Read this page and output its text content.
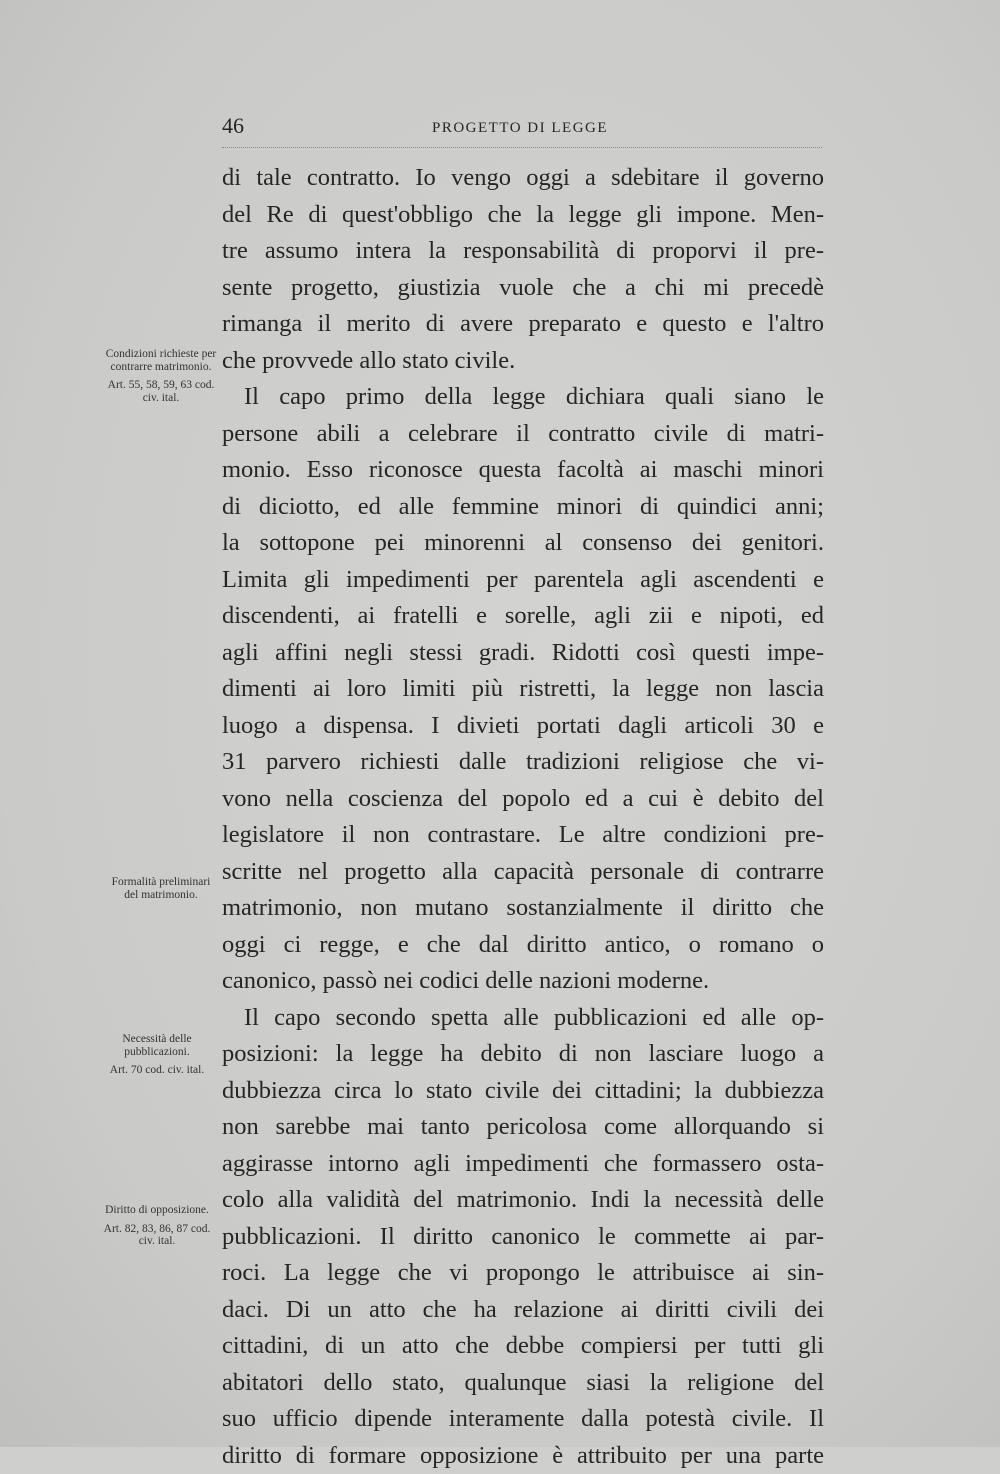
46	PROGETTO DI LEGGE
Condizioni richieste per contrarre matrimonio.
Art. 55, 58, 59, 63 cod. civ. ital.
Formalità preliminari del matrimonio.
Necessità delle pubblicazioni.
Art. 70 cod. civ. ital.
Diritto di opposizione.
Art. 82, 83, 86, 87 cod. civ. ital.
di tale contratto. Io vengo oggi a sdebitare il governo
del Re di quest'obbligo che la legge gli impone. Men-
tre assumo intera la responsabilità di proporvi il pre-
sente progetto, giustizia vuole che a chi mi precedè
rimanga il merito di avere preparato e questo e l'altro
che provvede allo stato civile.
Il capo primo della legge dichiara quali siano le
persone abili a celebrare il contratto civile di matri-
monio. Esso riconosce questa facoltà ai maschi minori
di diciotto, ed alle femmine minori di quindici anni;
la sottopone pei minorenni al consenso dei genitori.
Limita gli impedimenti per parentela agli ascendenti e
discendenti, ai fratelli e sorelle, agli zii e nipoti, ed
agli affini negli stessi gradi. Ridotti così questi impe-
dimenti ai loro limiti più ristretti, la legge non lascia
luogo a dispensa. I divieti portati dagli articoli 30 e
31 parvero richiesti dalle tradizioni religiose che vi-
vono nella coscienza del popolo ed a cui è debito del
legislatore il non contrastare. Le altre condizioni pre-
scritte nel progetto alla capacità personale di contrarre
matrimonio, non mutano sostanzialmente il diritto che
oggi ci regge, e che dal diritto antico, o romano o
canonico, passò nei codici delle nazioni moderne.
Il capo secondo spetta alle pubblicazioni ed alle op-
posizioni: la legge ha debito di non lasciare luogo a
dubbiezza circa lo stato civile dei cittadini; la dubbiezza
non sarebbe mai tanto pericolosa come allorquando si
aggirasse intorno agli impedimenti che formassero osta-
colo alla validità del matrimonio. Indi la necessità delle
pubblicazioni. Il diritto canonico le commette ai par-
roci. La legge che vi propongo le attribuisce ai sin-
daci. Di un atto che ha relazione ai diritti civili dei
cittadini, di un atto che debbe compiersi per tutti gli
abitatori dello stato, qualunque siasi la religione del
suo ufficio dipende interamente dalla potestà civile. Il
diritto di formare opposizione è attribuito per una parte
